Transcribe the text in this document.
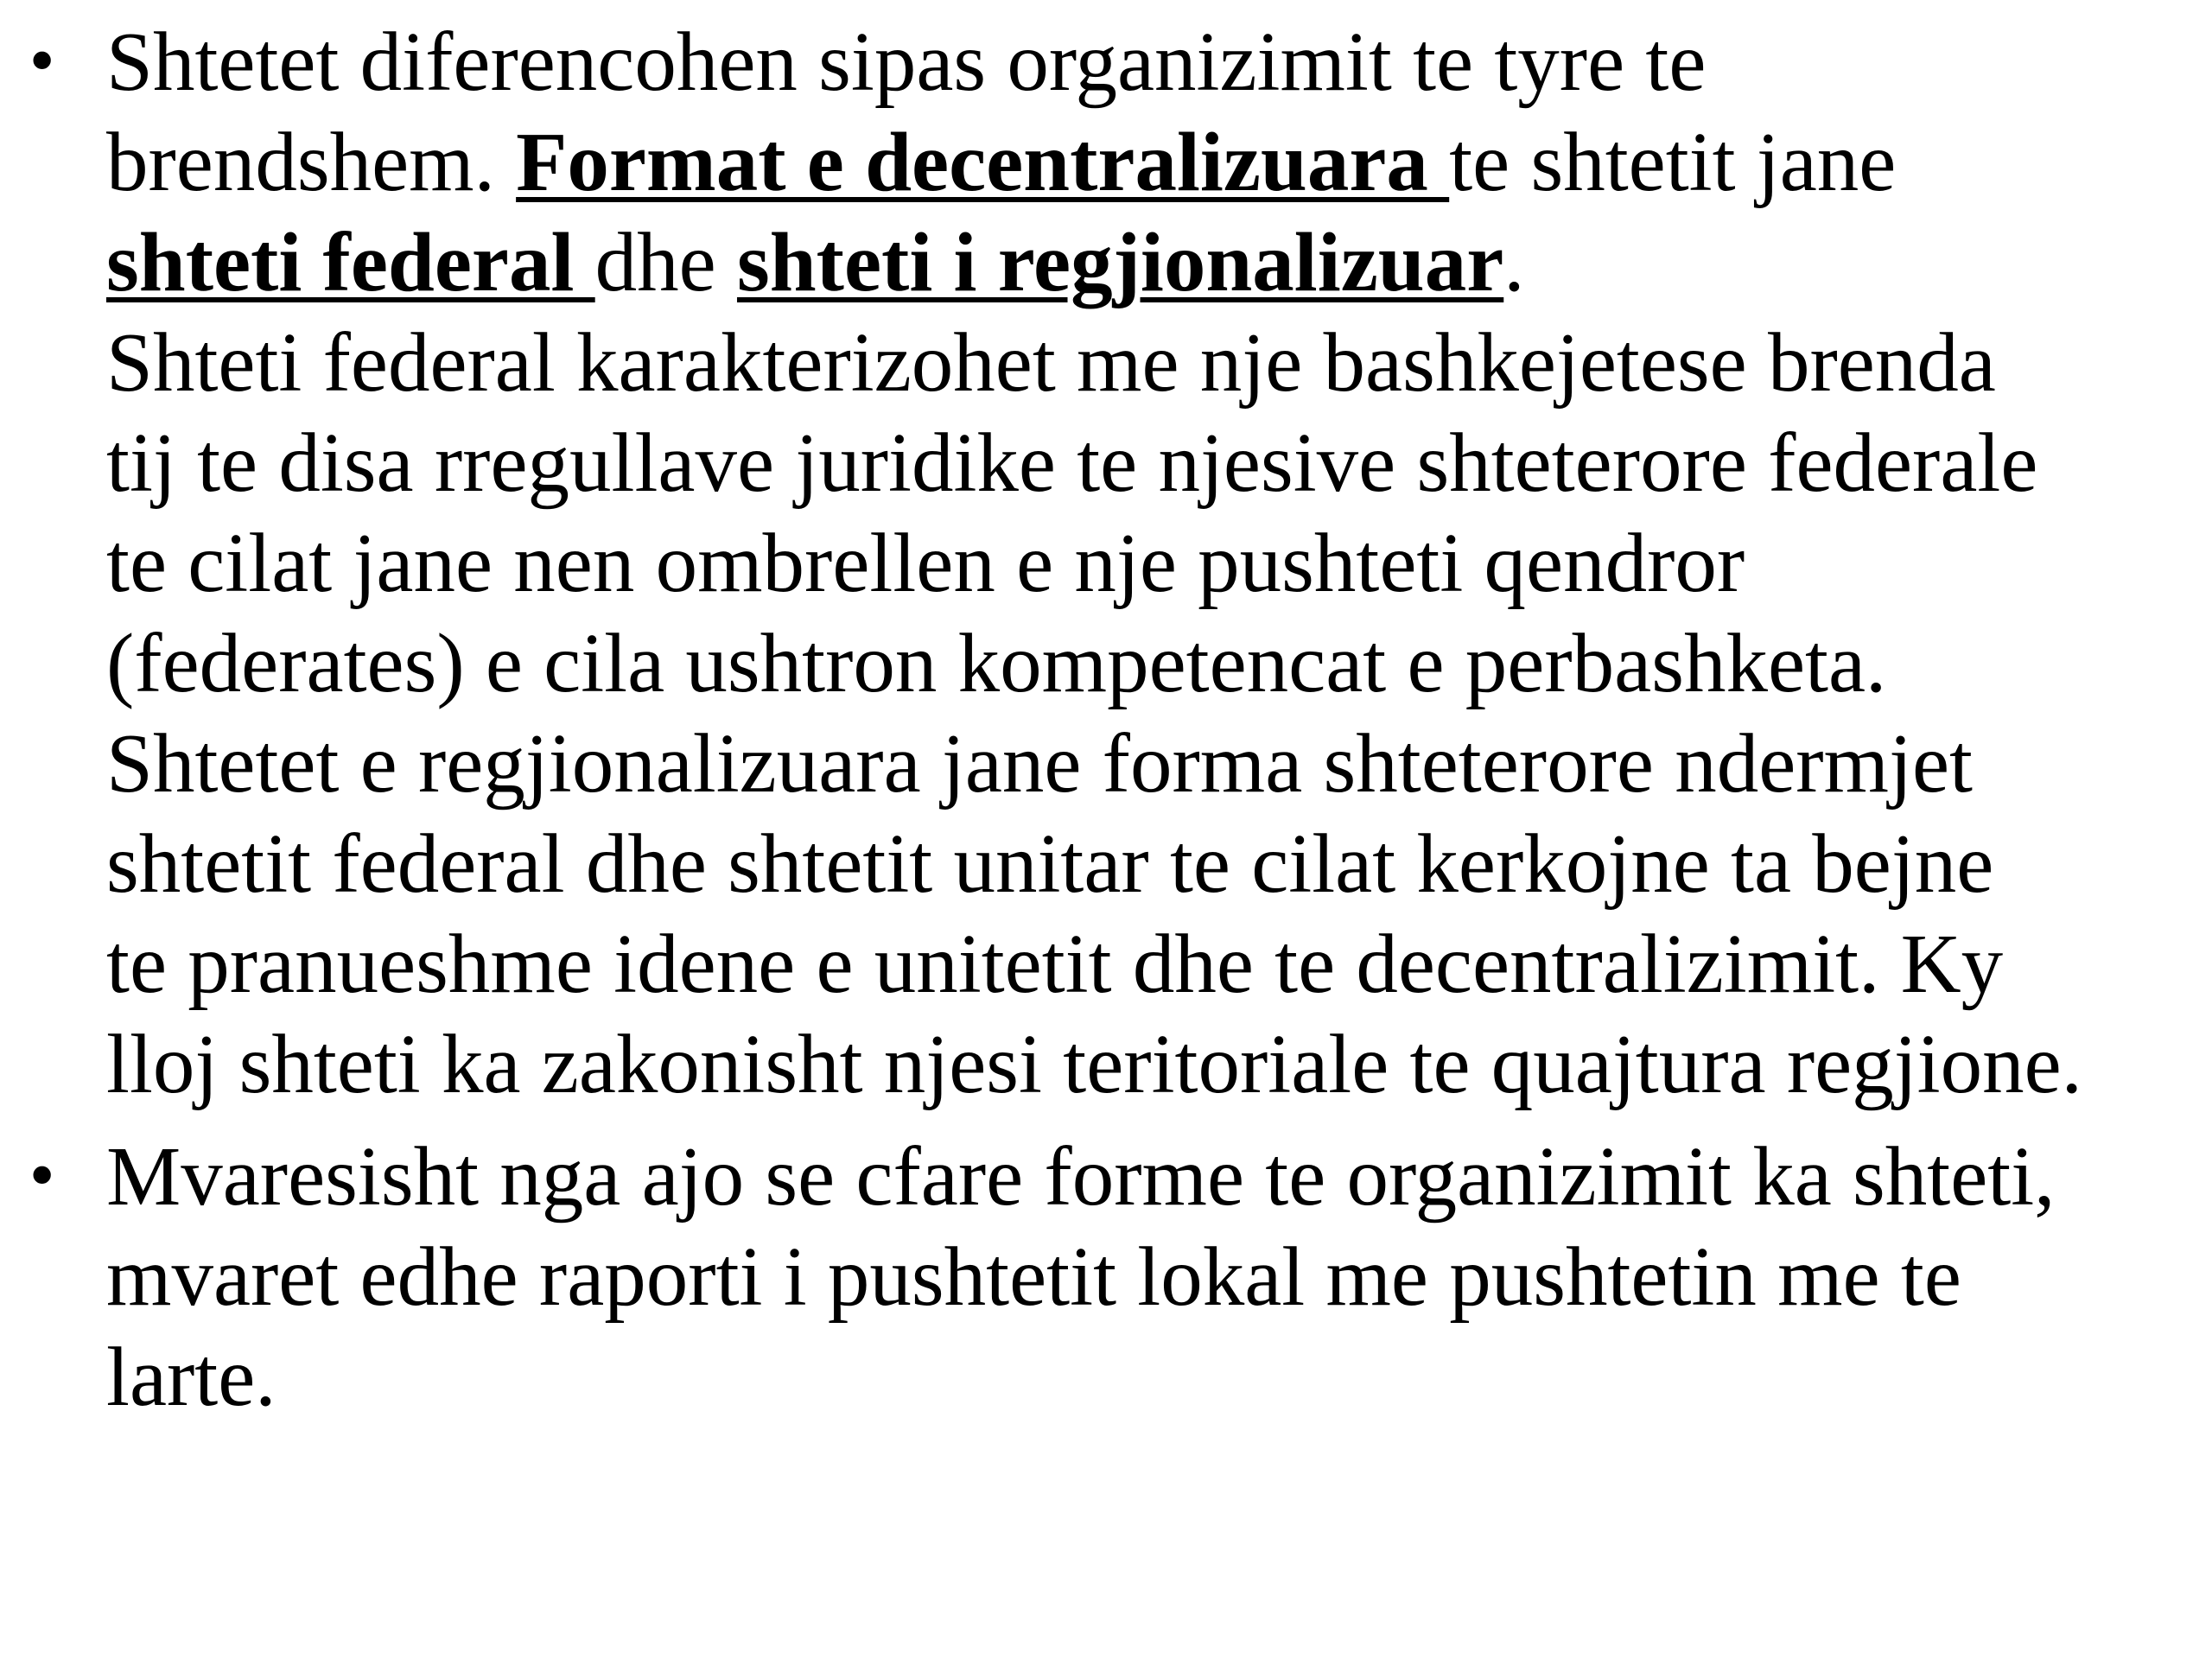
• Shtetet diferencohen sipas organizimit te tyre te
brendshem. Format e decentralizuara te shtetit jane
shteti federal dhe shteti i regjionalizuar.
Shteti federal karakterizohet me nje bashkejetese brenda
tij te disa rregullave juridike te njesive shteterore federale
te cilat jane nen ombrellen e nje pushteti qendror
(federates) e cila ushtron kompetencat e perbashketa.
Shtetet e regjionalizuara jane forma shteterore ndermjet
shtetit federal dhe shtetit unitar te cilat kerkojne ta bejne
te pranueshme idene e unitetit dhe te decentralizimit. Ky
lloj shteti ka zakonisht njesi teritoriale te quajtura regjione.
• Mvaresisht nga ajo se cfare forme te organizimit ka shteti,
mvaret edhe raporti i pushtetit lokal me pushtetin me te
larte.
